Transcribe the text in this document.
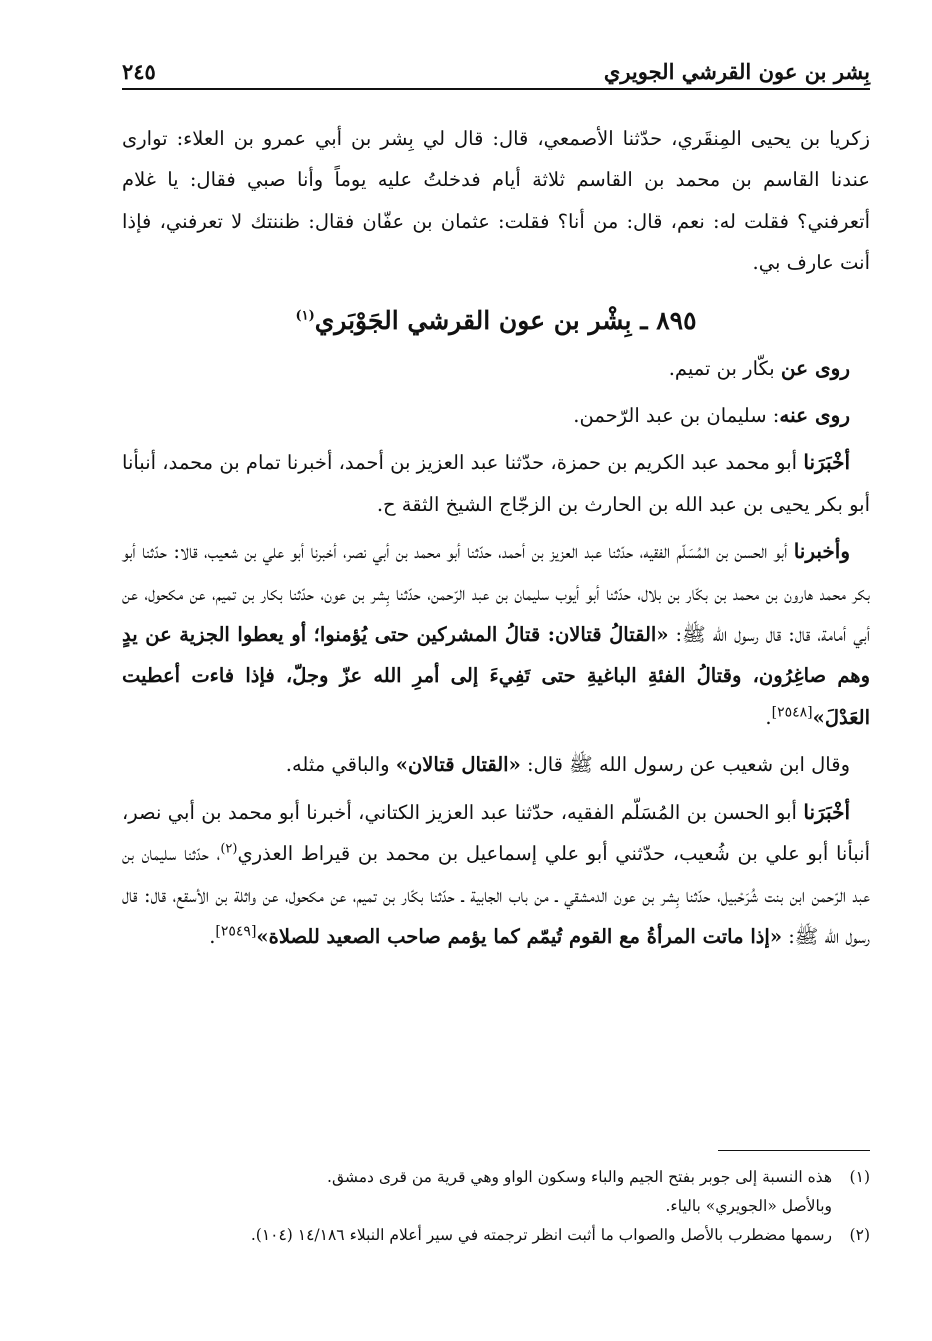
٢٤٥	بِشر بن عون القرشي الجويري

زكريا بن يحيى المِنقَري، حدّثنا الأصمعي، قال: قال لي بِشر بن أبي عمرو بن العلاء: توارى عندنا القاسم بن محمد بن القاسم ثلاثة أيام فدخلتُ عليه يوماً وأنا صبي فقال: يا غلام أتعرفني؟ فقلت له: نعم، قال: من أنا؟ فقلت: عثمان بن عفّان فقال: ظننتك لا تعرفني، فإذا أنت عارف بي.

٨٩٥ ـ بِشْر بن عون القرشي الجَوْبَري$^{(١)}$

روى عن بكّار بن تميم.

روى عنه: سليمان بن عبد الرّحمن.

أخْبَرَنا أبو محمد عبد الكريم بن حمزة، حدّثنا عبد العزيز بن أحمد، أخبرنا تمام بن محمد، أنبأنا أبو بكر يحيى بن عبد الله بن الحارث بن الزجّاج الشيخ الثقة ح.

وأخبرنا أبو الحسن بن المُسَلّم الفقيه، حدّثنا عبد العزيز بن أحمد، حدّثنا أبو محمد بن أبي نصر، أخبرنا أبو علي بن شعيب، قالا: حدّثنا أبو بكر محمد هارون بن محمد بن بكّار بن بلال، حدّثنا أبو أيوب سليمان بن عبد الرّحمن، حدّثنا بِشر بن عون، حدّثنا بكار بن تميم، عن مكحول، عن أبي أمامة، قال: قال رسول الله ﷺ: «القتالُ قتالان: قتالُ المشركين حتى يُؤمنوا؛ أو يعطوا الجزية عن يدٍ وهم صاغِرُون، وقتالُ الفئةِ الباغيةِ حتى تَفِيءَ إلى أمرِ الله عزّ وجلّ، فإذا فاءت أعطيت العَدْلَ»[٢٥٤٨].

وقال ابن شعيب عن رسول الله ﷺ قال: «القتال قتالان» والباقي مثله.

أخْبَرَنا أبو الحسن بن المُسَلّم الفقيه، حدّثنا عبد العزيز الكتاني، أخبرنا أبو محمد بن أبي نصر، أنبأنا أبو علي بن شُعيب، حدّثني أبو علي إسماعيل بن محمد بن قيراط العذري$^{(٢)}$، حدّثنا سليمان بن عبد الرّحمن ابن بنت شُرَحْبيل، حدّثنا بِشر بن عون الدمشقي ـ من باب الجابية ـ حدّثنا بكّار بن تميم، عن مكحول، عن واثلة بن الأسقع، قال: قال رسول الله ﷺ: «إذا ماتت المرأةُ مع القوم تُيمّم كما يؤمم صاحب الصعيد للصلاة»[٢٥٤٩].

(١)هذه النسبة إلى جوبر بفتح الجيم والباء وسكون الواو وهي قرية من قرى دمشق.

وبالأصل «الجويري» بالياء.

(٢)رسمها مضطرب بالأصل والصواب ما أثبت انظر ترجمته في سير أعلام النبلاء ١٤/١٨٦ (١٠٤).
